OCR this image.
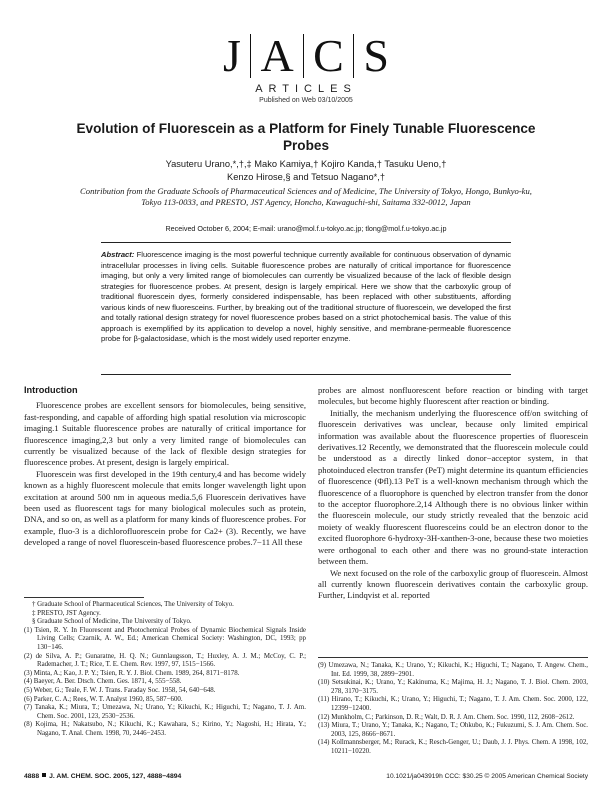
J A C S
ARTICLES
Published on Web 03/10/2005
Evolution of Fluorescein as a Platform for Finely Tunable Fluorescence Probes
Yasuteru Urano,*,†,‡ Mako Kamiya,† Kojiro Kanda,† Tasuku Ueno,†
Kenzo Hirose,§ and Tetsuo Nagano*,†
Contribution from the Graduate Schools of Pharmaceutical Sciences and of Medicine, The University of Tokyo, Hongo, Bunkyo-ku, Tokyo 113-0033, and PRESTO, JST Agency, Honcho, Kawaguchi-shi, Saitama 332-0012, Japan
Received October 6, 2004; E-mail: urano@mol.f.u-tokyo.ac.jp; tlong@mol.f.u-tokyo.ac.jp
Abstract: Fluorescence imaging is the most powerful technique currently available for continuous observation of dynamic intracellular processes in living cells. Suitable fluorescence probes are naturally of critical importance for fluorescence imaging, but only a very limited range of biomolecules can currently be visualized because of the lack of flexible design strategies for fluorescence probes. At present, design is largely empirical. Here we show that the carboxylic group of traditional fluorescein dyes, formerly considered indispensable, has been replaced with other substituents, affording various kinds of new fluoresceins. Further, by breaking out of the traditional structure of fluorescein, we developed the first and totally rational design strategy for novel fluorescence probes based on a strict photochemical basis. The value of this approach is exemplified by its application to develop a novel, highly sensitive, and membrane-permeable fluorescence probe for β-galactosidase, which is the most widely used reporter enzyme.
Introduction

Fluorescence probes are excellent sensors for biomolecules, being sensitive, fast-responding, and capable of affording high spatial resolution via microscopic imaging.1 Suitable fluorescence probes are naturally of critical importance for fluorescence imaging,2,3 but only a very limited range of biomolecules can currently be visualized because of the lack of flexible design strategies for fluorescence probes. At present, design is largely empirical.

Fluorescein was first developed in the 19th century,4 and has become widely known as a highly fluorescent molecule that emits longer wavelength light upon excitation at around 500 nm in aqueous media.5,6 Fluorescein derivatives have been used as fluorescent tags for many biological molecules such as protein, DNA, and so on, as well as a platform for many kinds of fluorescence probes. For example, fluo-3 is a dichlorofluorescein probe for Ca2+ (3). Recently, we have developed a range of novel fluorescein-based fluorescence probes.7−11 All these

probes are almost nonfluorescent before reaction or binding with target molecules, but become highly fluorescent after reaction or binding.

Initially, the mechanism underlying the fluorescence off/on switching of fluorescein derivatives was unclear, because only limited empirical information was available about the fluorescence properties of fluorescein derivatives.12 Recently, we demonstrated that the fluorescein molecule could be understood as a directly linked donor−acceptor system, in that photoinduced electron transfer (PeT) might determine its quantum efficiencies of fluorescence (Φfl).13 PeT is a well-known mechanism through which the fluorescence of a fluorophore is quenched by electron transfer from the donor to the acceptor fluorophore.2,14 Although there is no obvious linker within the fluorescein molecule, our study strictly revealed that the benzoic acid moiety of weakly fluorescent fluoresceins could be an electron donor to the excited fluorophore 6-hydroxy-3H-xanthen-3-one, because these two moieties were orthogonal to each other and there was no ground-state interaction between them.

We next focused on the role of the carboxylic group of fluorescein. Almost all currently known fluorescein derivatives contain the carboxylic group. Further, Lindqvist et al. reported

† Graduate School of Pharmaceutical Sciences, The University of Tokyo.
‡ PRESTO, JST Agency.
§ Graduate School of Medicine, The University of Tokyo.
(1) Tsien, R. Y. In Fluorescent and Photochemical Probes of Dynamic Biochemical Signals Inside Living Cells; Czarnik, A. W., Ed.; American Chemical Society: Washington, DC, 1993; pp 130−146.
(2) de Silva, A. P.; Gunaratne, H. Q. N.; Gunnlaugsson, T.; Huxley, A. J. M.; McCoy, C. P.; Rademacher, J. T.; Rice, T. E. Chem. Rev. 1997, 97, 1515−1566.
(3) Minta, A.; Kao, J. P. Y.; Tsien, R. Y. J. Biol. Chem. 1989, 264, 8171−8178.
(4) Baeyer, A. Ber. Dtsch. Chem. Ges. 1871, 4, 555−558.
(5) Weber, G.; Teale, F. W. J. Trans. Faraday Soc. 1958, 54, 640−648.
(6) Parker, C. A.; Rees, W. T. Analyst 1960, 85, 587−600.
(7) Tanaka, K.; Miura, T.; Umezawa, N.; Urano, Y.; Kikuchi, K.; Higuchi, T.; Nagano, T. J. Am. Chem. Soc. 2001, 123, 2530−2536.
(8) Kojima, H.; Nakatsubo, N.; Kikuchi, K.; Kawahara, S.; Kirino, Y.; Nagoshi, H.; Hirata, Y.; Nagano, T. Anal. Chem. 1998, 70, 2446−2453.
(9) Umezawa, N.; Tanaka, K.; Urano, Y.; Kikuchi, K.; Higuchi, T.; Nagano, T. Angew. Chem., Int. Ed. 1999, 38, 2899−2901.
(10) Setsukinai, K.; Urano, Y.; Kakinuma, K.; Majima, H. J.; Nagano, T. J. Biol. Chem. 2003, 278, 3170−3175.
(11) Hirano, T.; Kikuchi, K.; Urano, Y.; Higuchi, T.; Nagano, T. J. Am. Chem. Soc. 2000, 122, 12399−12400.
(12) Munkholm, C.; Parkinson, D. R.; Walt, D. R. J. Am. Chem. Soc. 1990, 112, 2608−2612.
(13) Miura, T.; Urano, Y.; Tanaka, K.; Nagano, T.; Ohkubo, K.; Fukuzumi, S. J. Am. Chem. Soc. 2003, 125, 8666−8671.
(14) Kollmannsberger, M.; Rurack, K.; Resch-Genger, U.; Daub, J. J. Phys. Chem. A 1998, 102, 10211−10220.
4888 J. AM. CHEM. SOC. 2005, 127, 4888−4894	10.1021/ja043919h CCC: $30.25 © 2005 American Chemical Society
